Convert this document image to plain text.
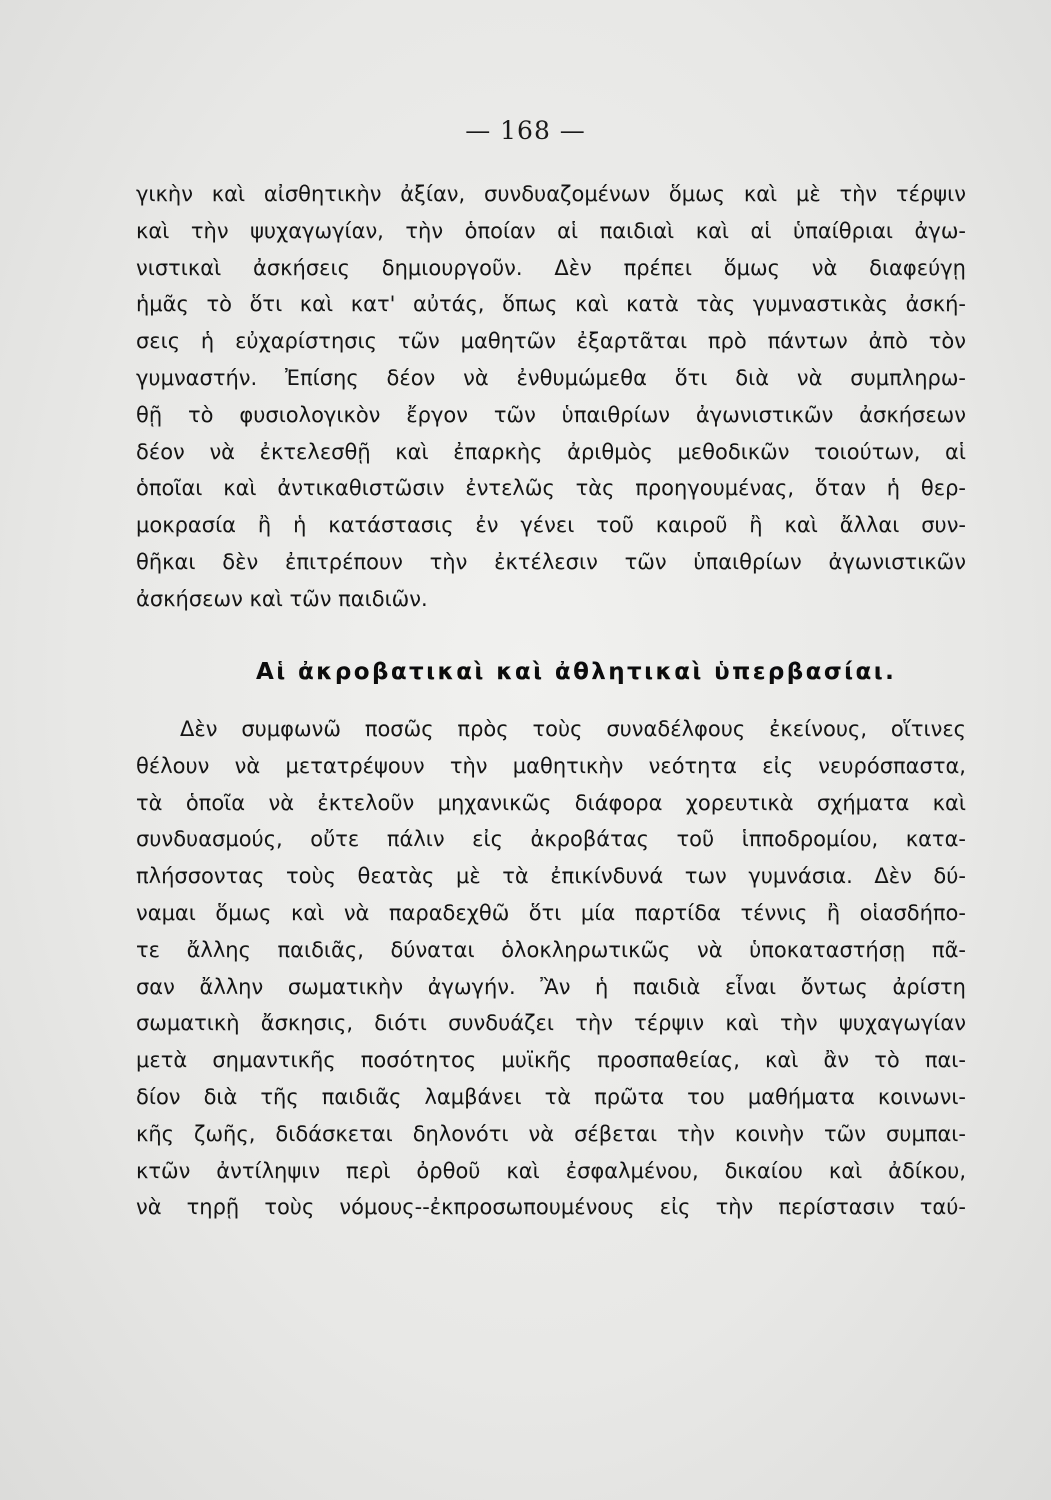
— 168 —
γικὴν καὶ αἰσθητικὴν ἀξίαν, συνδυαζομένων ὅμως καὶ μὲ τὴν τέρψιν
καὶ τὴν ψυχαγωγίαν, τὴν ὁποίαν αἱ παιδιαὶ καὶ αἱ ὑπαίθριαι ἀγω-
νιστικαὶ ἀσκήσεις δημιουργοῦν. Δὲν πρέπει ὅμως νὰ διαφεύγῃ
ἡμᾶς τὸ ὅτι καὶ κατ' αὐτάς, ὅπως καὶ κατὰ τὰς γυμναστικὰς ἀσκή-
σεις ἡ εὐχαρίστησις τῶν μαθητῶν ἐξαρτᾶται πρὸ πάντων ἀπὸ τὸν
γυμναστήν. Ἐπίσης δέον νὰ ἐνθυμώμεθα ὅτι διὰ νὰ συμπληρω-
θῇ τὸ φυσιολογικὸν ἔργον τῶν ὑπαιθρίων ἀγωνιστικῶν ἀσκήσεων
δέον νὰ ἐκτελεσθῇ καὶ ἐπαρκὴς ἀριθμὸς μεθοδικῶν τοιούτων, αἱ
ὁποῖαι καὶ ἀντικαθιστῶσιν ἐντελῶς τὰς προηγουμένας, ὅταν ἡ θερ-
μοκρασία ἢ ἡ κατάστασις ἐν γένει τοῦ καιροῦ ἢ καὶ ἄλλαι συν-
θῆκαι δὲν ἐπιτρέπουν τὴν ἐκτέλεσιν τῶν ὑπαιθρίων ἀγωνιστικῶν
ἀσκήσεων καὶ τῶν παιδιῶν.
Αἱ ἀκροβατικαὶ καὶ ἀθλητικαὶ ὑπερβασίαι.
Δὲν συμφωνῶ ποσῶς πρὸς τοὺς συναδέλφους ἐκείνους, οἵτινες
θέλουν νὰ μετατρέψουν τὴν μαθητικὴν νεότητα εἰς νευρόσπαστα,
τὰ ὁποῖα νὰ ἐκτελοῦν μηχανικῶς διάφορα χορευτικὰ σχήματα καὶ
συνδυασμούς, οὔτε πάλιν εἰς ἀκροβάτας τοῦ ἱπποδρομίου, κατα-
πλήσσοντας τοὺς θεατὰς μὲ τὰ ἐπικίνδυνά των γυμνάσια. Δὲν δύ-
ναμαι ὅμως καὶ νὰ παραδεχθῶ ὅτι μία παρτίδα τέννις ἢ οἱασδήπο-
τε ἄλλης παιδιᾶς, δύναται ὁλοκληρωτικῶς νὰ ὑποκαταστήσῃ πᾶ-
σαν ἄλλην σωματικὴν ἀγωγήν. Ἂν ἡ παιδιὰ εἶναι ὄντως ἀρίστη
σωματικὴ ἄσκησις, διότι συνδυάζει τὴν τέρψιν καὶ τὴν ψυχαγωγίαν
μετὰ σημαντικῆς ποσότητος μυϊκῆς προσπαθείας, καὶ ἂν τὸ παι-
δίον διὰ τῆς παιδιᾶς λαμβάνει τὰ πρῶτα του μαθήματα κοινωνι-
κῆς ζωῆς, διδάσκεται δηλονότι νὰ σέβεται τὴν κοινὴν τῶν συμπαι-
κτῶν ἀντίληψιν περὶ ὀρθοῦ καὶ ἐσφαλμένου, δικαίου καὶ ἀδίκου,
νὰ τηρῇ τοὺς νόμους--ἐκπροσωπουμένους εἰς τὴν περίστασιν ταύ-
